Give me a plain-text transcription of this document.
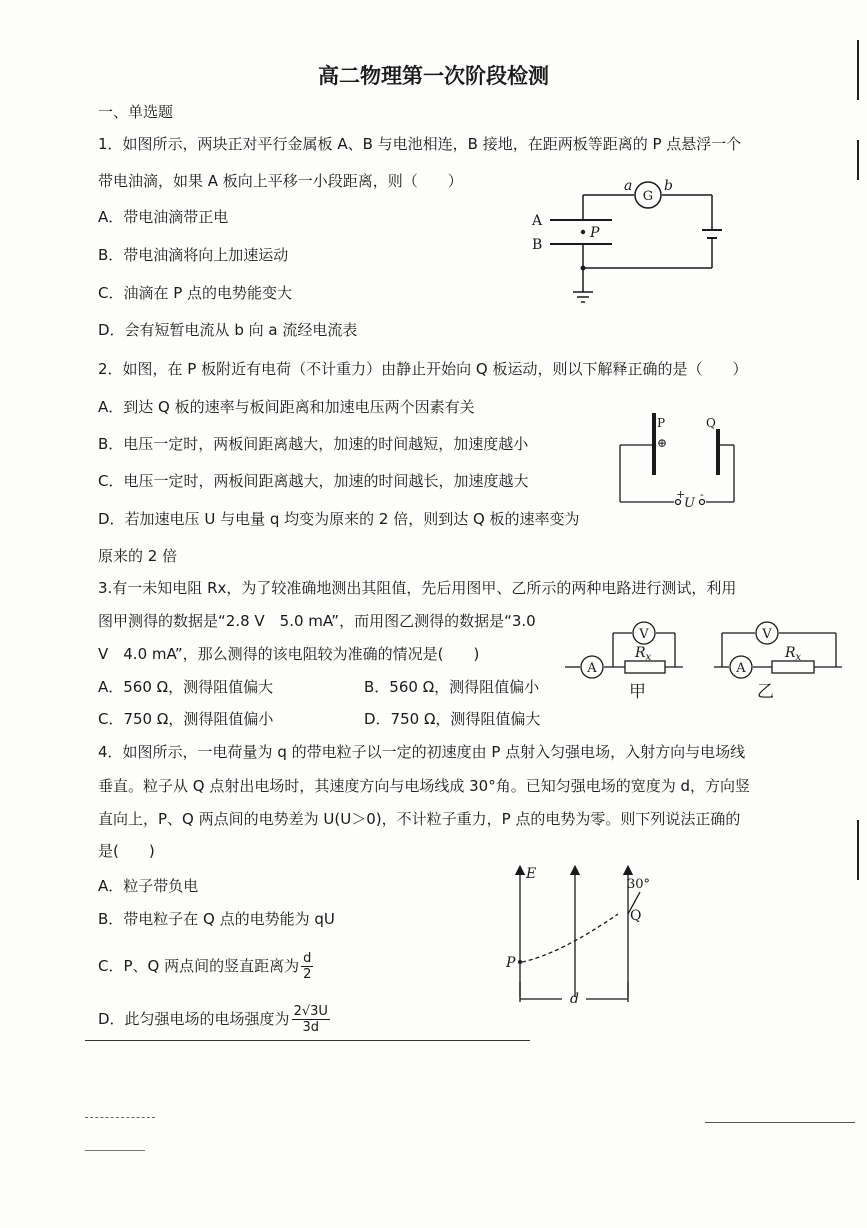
高二物理第一次阶段检测
一、单选题
1．如图所示，两块正对平行金属板 A、B 与电池相连，B 接地，在距两板等距离的 P 点悬浮一个
带电油滴，如果 A 板向上平移一小段距离，则（　　）
A．带电油滴带正电
B．带电油滴将向上加速运动
C．油滴在 P 点的电势能变大
D．会有短暂电流从 b 向 a 流经电流表
G
a b
A
B
P
2．如图，在 P 板附近有电荷（不计重力）由静止开始向 Q 板运动，则以下解释正确的是（　　）
A．到达 Q 板的速率与板间距离和加速电压两个因素有关
B．电压一定时，两板间距离越大，加速的时间越短，加速度越小
C．电压一定时，两板间距离越大，加速的时间越长，加速度越大
D．若加速电压 U 与电量 q 均变为原来的 2 倍，则到达 Q 板的速率变为
原来的 2 倍
P	Q
⊕
+
U
-
3.有一未知电阻 Rx，为了较准确地测出其阻值，先后用图甲、乙所示的两种电路进行测试，利用
图甲测得的数据是“2.8 V　5.0 mA”，而用图乙测得的数据是“3.0
V　4.0 mA”，那么测得的该电阻较为准确的情况是(　　)
A．560 Ω，测得阻值偏大	B．560 Ω，测得阻值偏小
C．750 Ω，测得阻值偏小	D．750 Ω，测得阻值偏大
A
V
$R_x$
甲
A
V
$R_x$
乙
4．如图所示，一电荷量为 q 的带电粒子以一定的初速度由 P 点射入匀强电场，入射方向与电场线
垂直。粒子从 Q 点射出电场时，其速度方向与电场线成 30°角。已知匀强电场的宽度为 d，方向竖
直向上，P、Q 两点间的电势差为 U(U＞0)，不计粒子重力，P 点的电势为零。则下列说法正确的
是(　　)
A．粒子带负电
B．带电粒子在 Q 点的电势能为 qU
C．P、Q 两点间的竖直距离为 $\frac{d}{2}$
D．此匀强电场的电场强度为 $\frac{2√3U}{3d}$
E
30°
Q
P
d
